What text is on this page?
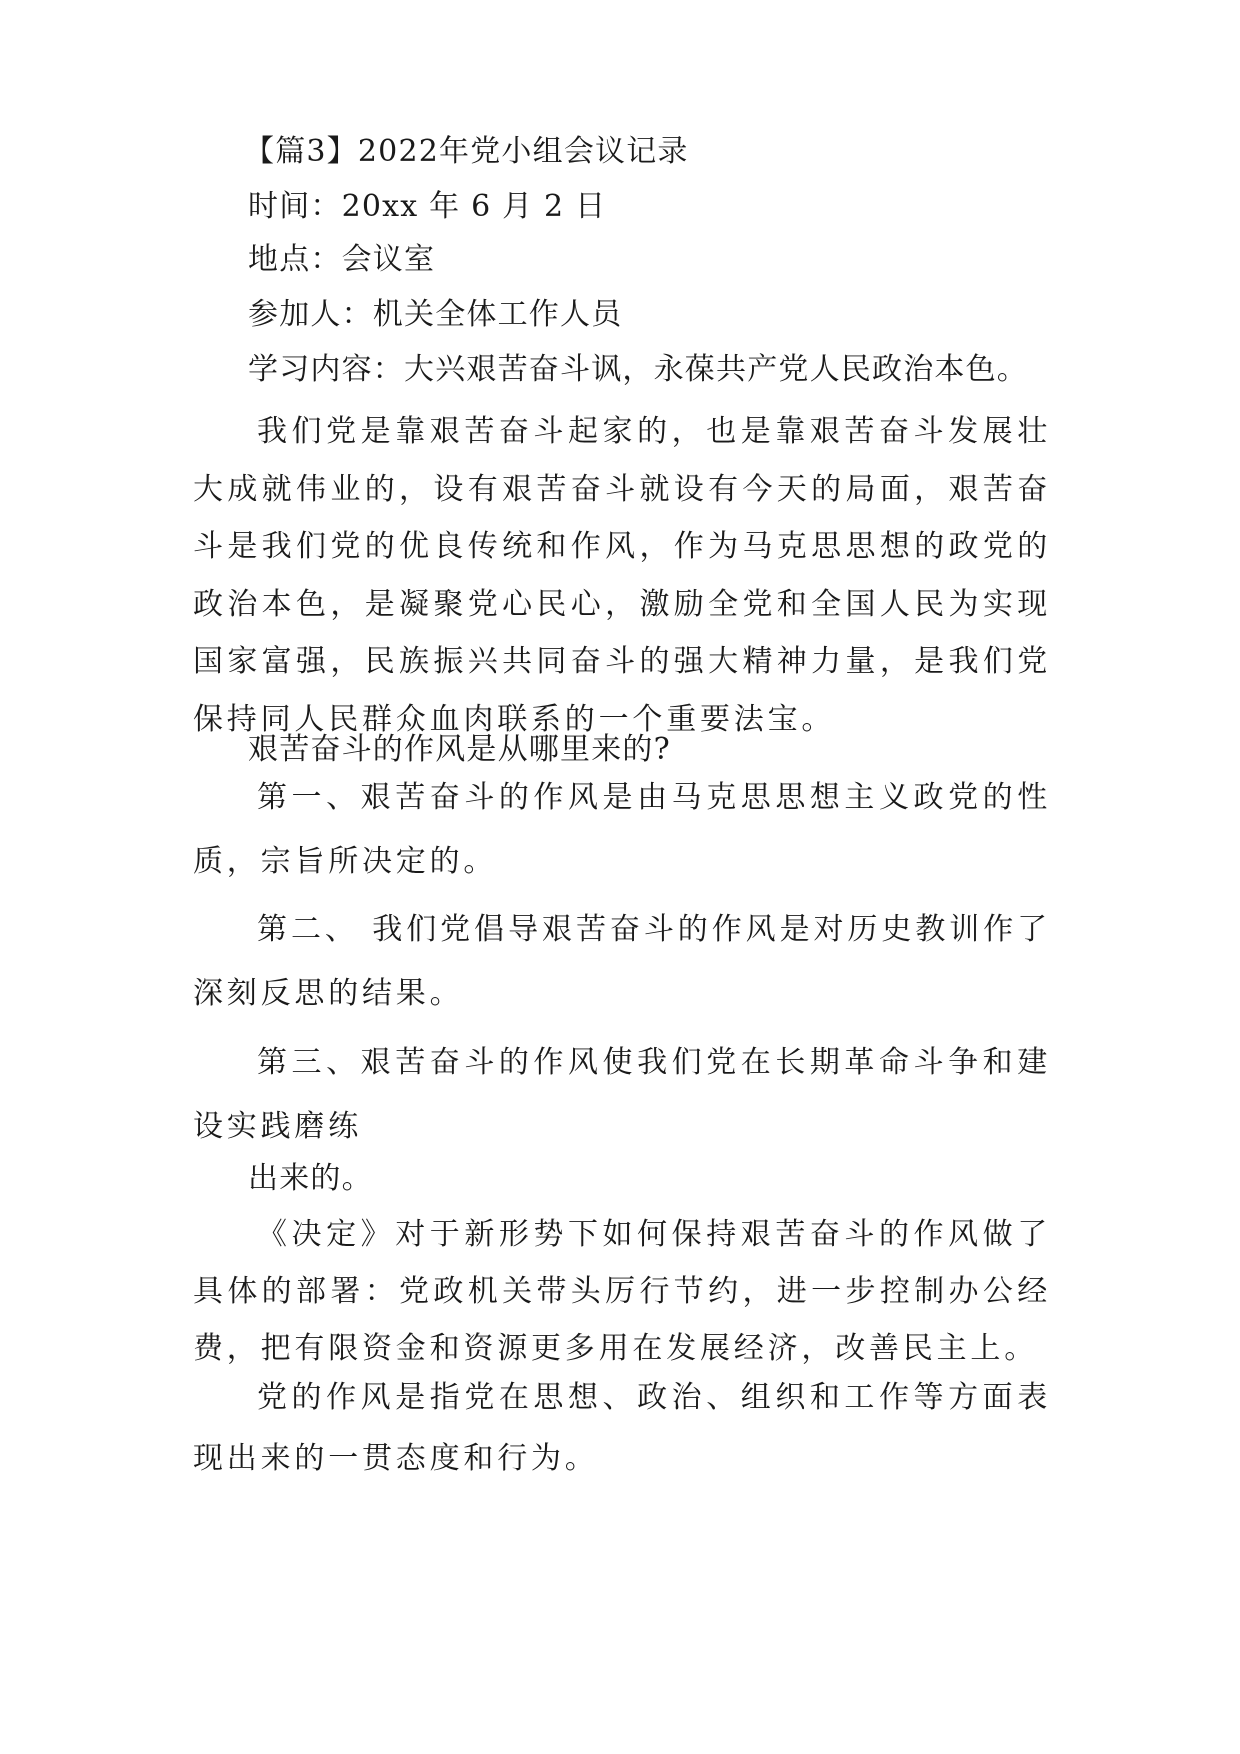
【篇3】2022年党小组会议记录

时间：20xx 年 6 月 2 日

地点：会议室

参加人：机关全体工作人员

学习内容：大兴艰苦奋斗讽，永葆共产党人民政治本色。

我们党是靠艰苦奋斗起家的，也是靠艰苦奋斗发展壮大成就伟业的，设有艰苦奋斗就设有今天的局面，艰苦奋斗是我们党的优良传统和作风，作为马克思思想的政党的政治本色，是凝聚党心民心，激励全党和全国人民为实现国家富强，民族振兴共同奋斗的强大精神力量，是我们党保持同人民群众血肉联系的一个重要法宝。

艰苦奋斗的作风是从哪里来的?

第一、艰苦奋斗的作风是由马克思思想主义政党的性质，宗旨所决定的。

第二、 我们党倡导艰苦奋斗的作风是对历史教训作了深刻反思的结果。

第三、艰苦奋斗的作风使我们党在长期革命斗争和建设实践磨练

出来的。

《决定》对于新形势下如何保持艰苦奋斗的作风做了具体的部署：党政机关带头厉行节约，进一步控制办公经费，把有限资金和资源更多用在发展经济，改善民主上。

党的作风是指党在思想、政治、组织和工作等方面表现出来的一贯态度和行为。
